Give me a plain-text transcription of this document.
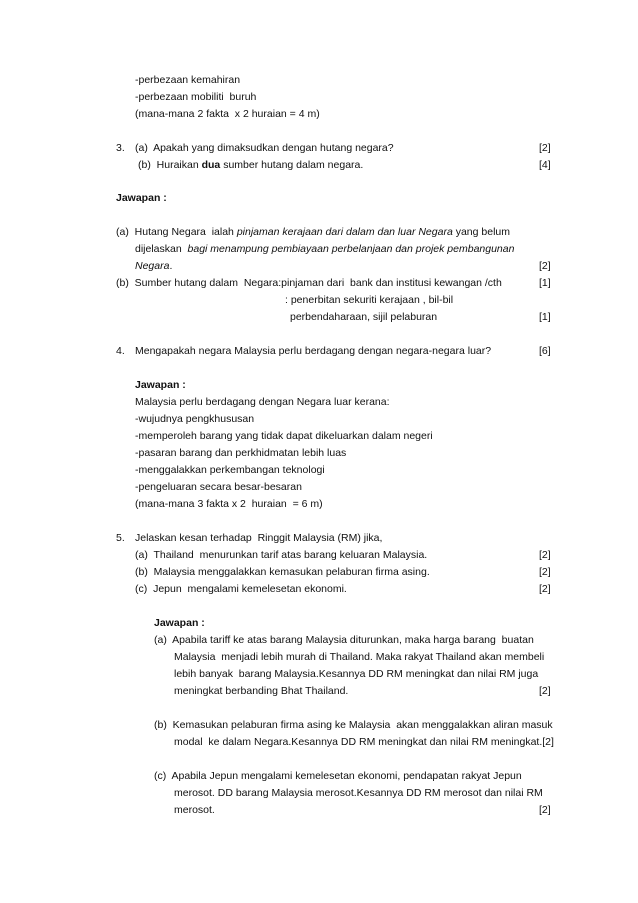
-perbezaan kemahiran
-perbezaan mobiliti  buruh
(mana-mana 2 fakta  x 2 huraian = 4 m)
3. (a)  Apakah yang dimaksudkan dengan hutang negara?	[2]
(b)  Huraikan dua sumber hutang dalam negara.	[4]
Jawapan :
(a)  Hutang Negara  ialah pinjaman kerajaan dari dalam dan luar Negara yang belum
dijelaskan  bagi menampung pembiayaan perbelanjaan dan projek pembangunan
Negara.	[2]
(b)  Sumber hutang dalam  Negara:pinjaman dari  bank dan institusi kewangan /cth	[1]
: penerbitan sekuriti kerajaan , bil-bil
perbendaharaan, sijil pelaburan	[1]
4. Mengapakah negara Malaysia perlu berdagang dengan negara-negara luar?	[6]
Jawapan :
Malaysia perlu berdagang dengan Negara luar kerana:
-wujudnya pengkhususan
-memperoleh barang yang tidak dapat dikeluarkan dalam negeri
-pasaran barang dan perkhidmatan lebih luas
-menggalakkan perkembangan teknologi
-pengeluaran secara besar-besaran
(mana-mana 3 fakta x 2  huraian  = 6 m)
5. Jelaskan kesan terhadap  Ringgit Malaysia (RM) jika,
(a)  Thailand  menurunkan tarif atas barang keluaran Malaysia.	[2]
(b)  Malaysia menggalakkan kemasukan pelaburan firma asing.	[2]
(c)  Jepun  mengalami kemelesetan ekonomi.	[2]
Jawapan :
(a)  Apabila tariff ke atas barang Malaysia diturunkan, maka harga barang  buatan
Malaysia  menjadi lebih murah di Thailand. Maka rakyat Thailand akan membeli
lebih banyak  barang Malaysia.Kesannya DD RM meningkat dan nilai RM juga
meningkat berbanding Bhat Thailand.	[2]
(b)  Kemasukan pelaburan firma asing ke Malaysia  akan menggalakkan aliran masuk
modal  ke dalam Negara.Kesannya DD RM meningkat dan nilai RM meningkat.[2]
(c)  Apabila Jepun mengalami kemelesetan ekonomi, pendapatan rakyat Jepun
merosot. DD barang Malaysia merosot.Kesannya DD RM merosot dan nilai RM
merosot.	[2]
